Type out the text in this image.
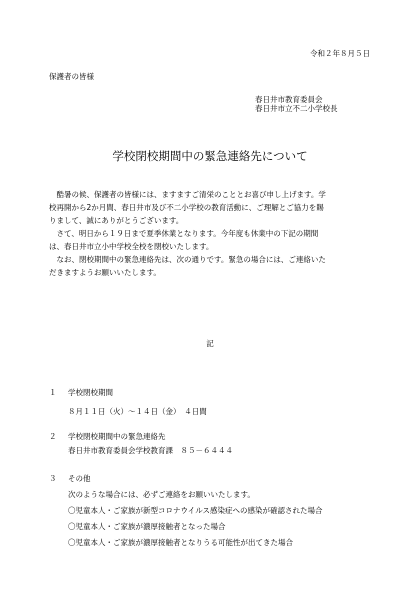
令和２年８月５日
保護者の皆様
春日井市教育委員会
春日井市立不二小学校長
学校閉校期間中の緊急連絡先について
　酷暑の候、保護者の皆様には、ますますご清栄のこととお喜び申し上げます。学
校再開から2か月間、春日井市及び不二小学校の教育活動に、ご理解とご協力を賜
りまして、誠にありがとうございます。
　さて、明日から１９日まで夏季休業となります。今年度も休業中の下記の期間
は、春日井市立小中学校全校を閉校いたします。
　なお、閉校期間中の緊急連絡先は、次の通りです。緊急の場合には、ご連絡いた
だきますようお願いいたします。
記
１ 学校閉校期間
８月１１日（火）～１４日（金）　４日間
２ 学校閉校期間中の緊急連絡先
春日井市教育委員会学校教育課　８５－６４４４
３ その他
次のような場合には、必ずご連絡をお願いいたします。
〇児童本人・ご家族が新型コロナウイルス感染症への感染が確認された場合
〇児童本人・ご家族が濃厚接触者となった場合
〇児童本人・ご家族が濃厚接触者となりうる可能性が出てきた場合
